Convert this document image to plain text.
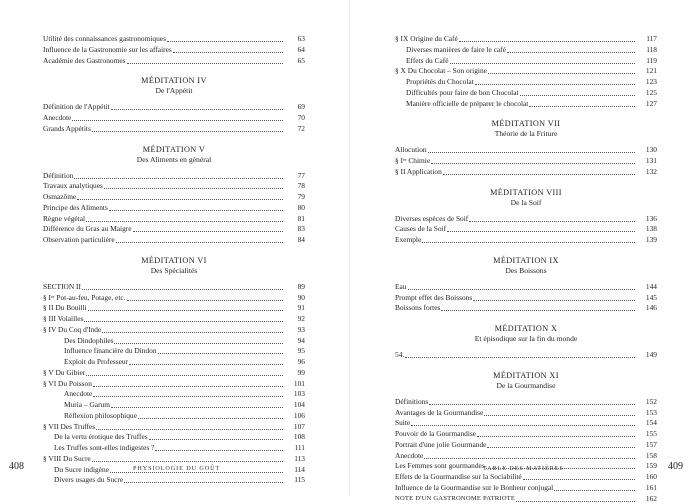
Utilité des connaissances gastronomiques	63
Influence de la Gastronomie sur les affaires	64
Académie des Gastronomes	65
MÉDITATION IV
De l'Appétit
Définition de l'Appétit	69
Anecdote	70
Grands Appétits	72
MÉDITATION V
Des Aliments en général
Définition	77
Travaux analytiques	78
Osmazôme	79
Principe des Aliments	80
Règne végétal	81
Différence du Gras au Maigre	83
Observation particulière	84
MÉDITATION VI
Des Spécialités
SECTION II	89
§ Iᵉʳ Pot-au-feu, Potage, etc.	90
§ II Du Bouilli	91
§ III Volailles	92
§ IV Du Coq d'Inde	93
Des Dindophiles	94
Influence financière du Dindon	95
Exploit du Professeur	96
§ V Du Gibier	99
§ VI Du Poisson	101
Anecdote	103
Muria – Garum	104
Réflexion philosophique	106
§ VII Des Truffes	107
De la vertu érotique des Truffes	108
Les Truffes sont-elles indigestes ?	111
§ VIII Du Sucre	113
Du Sucre indigène	114
Divers usages du Sucre	115
PHYSIOLOGIE DU GOÛT
408
§ IX Origine du Café	117
Diverses manières de faire le café	118
Effets du Café	119
§ X Du Chocolat – Son origine	121
Propriétés du Chocolat	123
Difficultés pour faire de bon Chocolat	125
Manière officielle de préparer le chocolat	127
MÉDITATION VII
Théorie de la Friture
Allocution	130
§ Iᵉʳ Chimie	131
§ II Application	132
MÉDITATION VIII
De la Soif
Diverses espèces de Soif	136
Causes de la Soif	138
Exemple	139
MÉDITATION IX
Des Boissons
Eau	144
Prompt effet des Boissons	145
Boissons fortes	146
MÉDITATION X
Et épisodique sur la fin du monde
54.	149
MÉDITATION XI
De la Gourmandise
Définitions	152
Avantages de la Gourmandise	153
Suite	154
Pouvoir de la Gourmandise	155
Portrait d'une jolie Gourmande	157
Anecdote	158
Les Femmes sont gourmandes	159
Effets de la Gourmandise sur la Sociabilité	160
Influence de la Gourmandise sur le Bonheur conjugal	161
NOTE D'UN GASTRONOME PATRIOTE	162
TABLE DES MATIÈRES	409
